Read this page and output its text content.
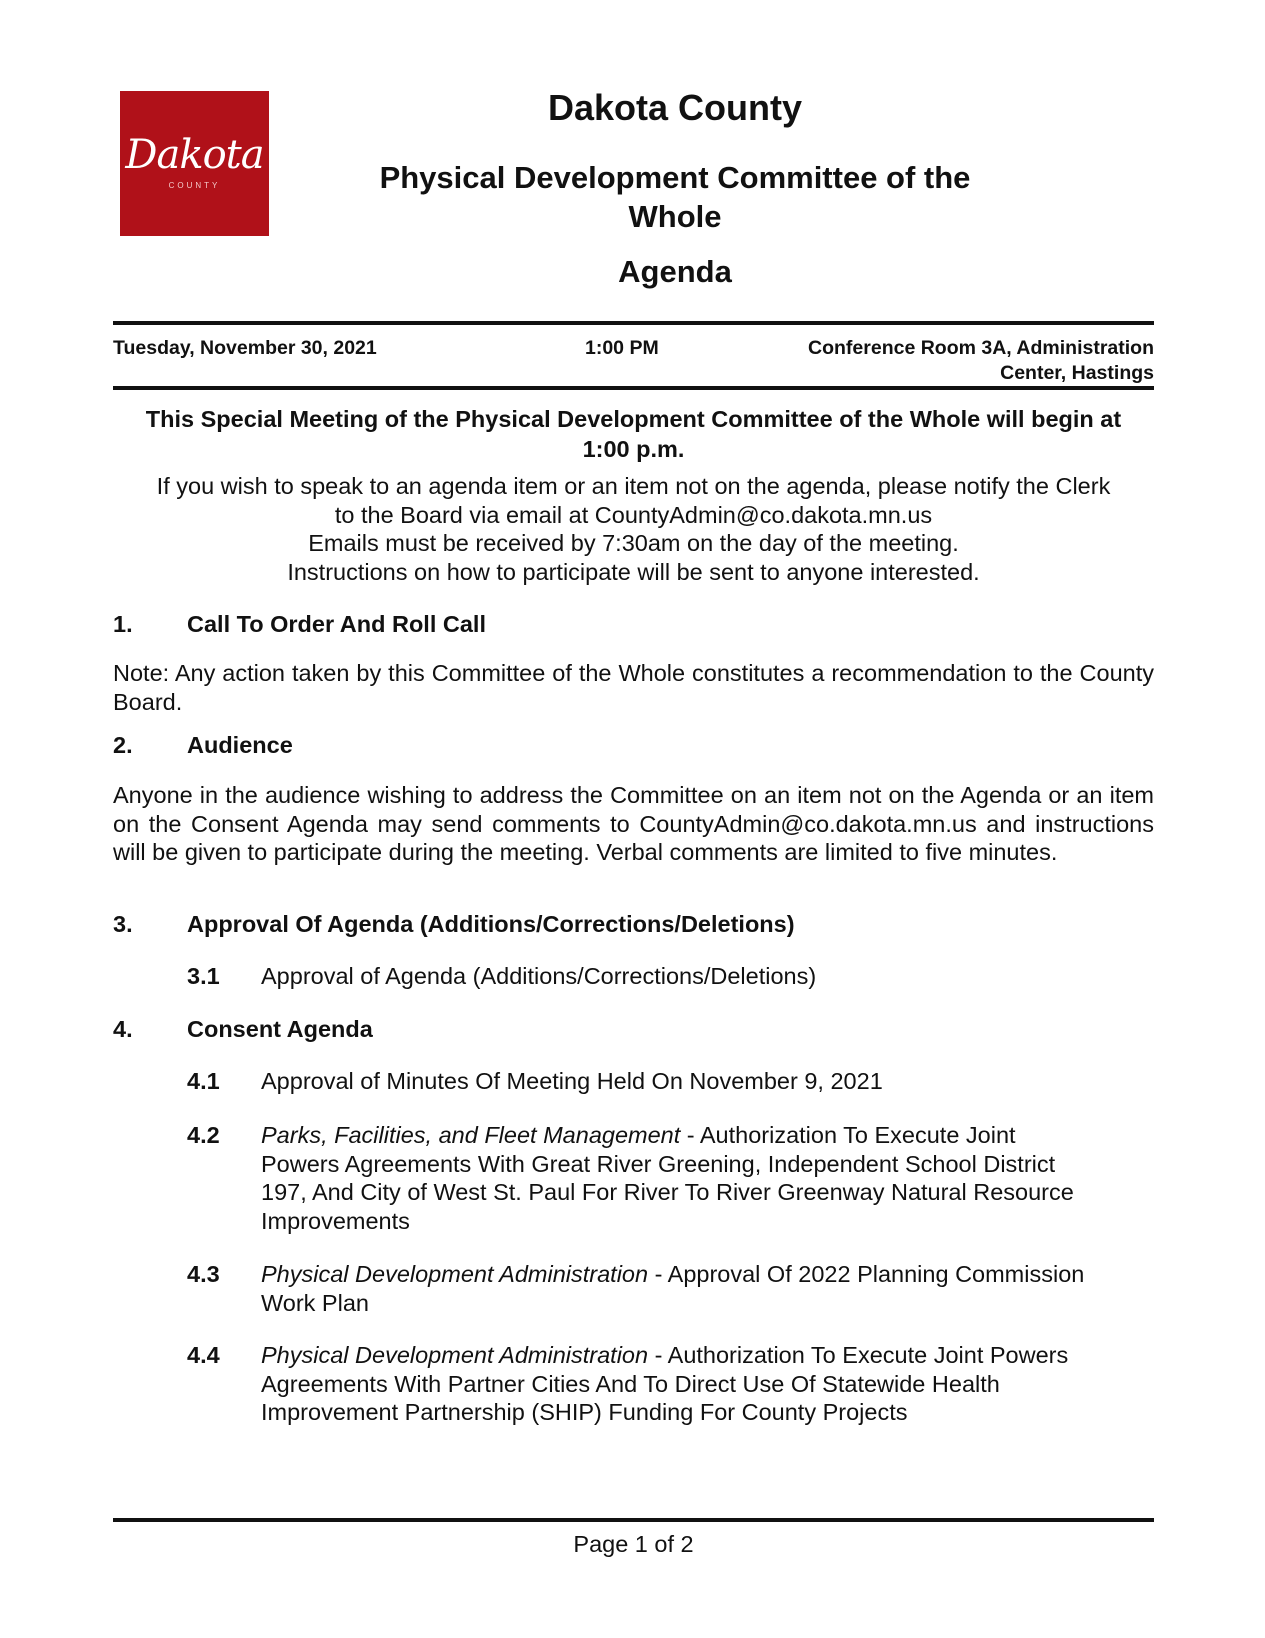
Dakota
COUNTY
Dakota County
Physical Development Committee of the
Whole
Agenda
Tuesday, November 30, 2021	1:00 PM	Conference Room 3A, Administration
Center, Hastings
This Special Meeting of the Physical Development Committee of the Whole will begin at
1:00 p.m.
If you wish to speak to an agenda item or an item not on the agenda, please notify the Clerk
to the Board via email at CountyAdmin@co.dakota.mn.us
Emails must be received by 7:30am on the day of the meeting.
Instructions on how to participate will be sent to anyone interested.
1. Call To Order And Roll Call
Note: Any action taken by this Committee of the Whole constitutes a recommendation to the County Board.
2. Audience
Anyone in the audience wishing to address the Committee on an item not on the Agenda or an item on the Consent Agenda may send comments to CountyAdmin@co.dakota.mn.us and instructions will be given to participate during the meeting. Verbal comments are limited to five minutes.
3. Approval Of Agenda (Additions/Corrections/Deletions)
3.1 Approval of Agenda (Additions/Corrections/Deletions)
4. Consent Agenda
4.1 Approval of Minutes Of Meeting Held On November 9, 2021
4.2 Parks, Facilities, and Fleet Management - Authorization To Execute Joint Powers Agreements With Great River Greening, Independent School District 197, And City of West St. Paul For River To River Greenway Natural Resource Improvements
4.3 Physical Development Administration - Approval Of 2022 Planning Commission Work Plan
4.4 Physical Development Administration - Authorization To Execute Joint Powers Agreements With Partner Cities And To Direct Use Of Statewide Health Improvement Partnership (SHIP) Funding For County Projects
Page 1 of 2
